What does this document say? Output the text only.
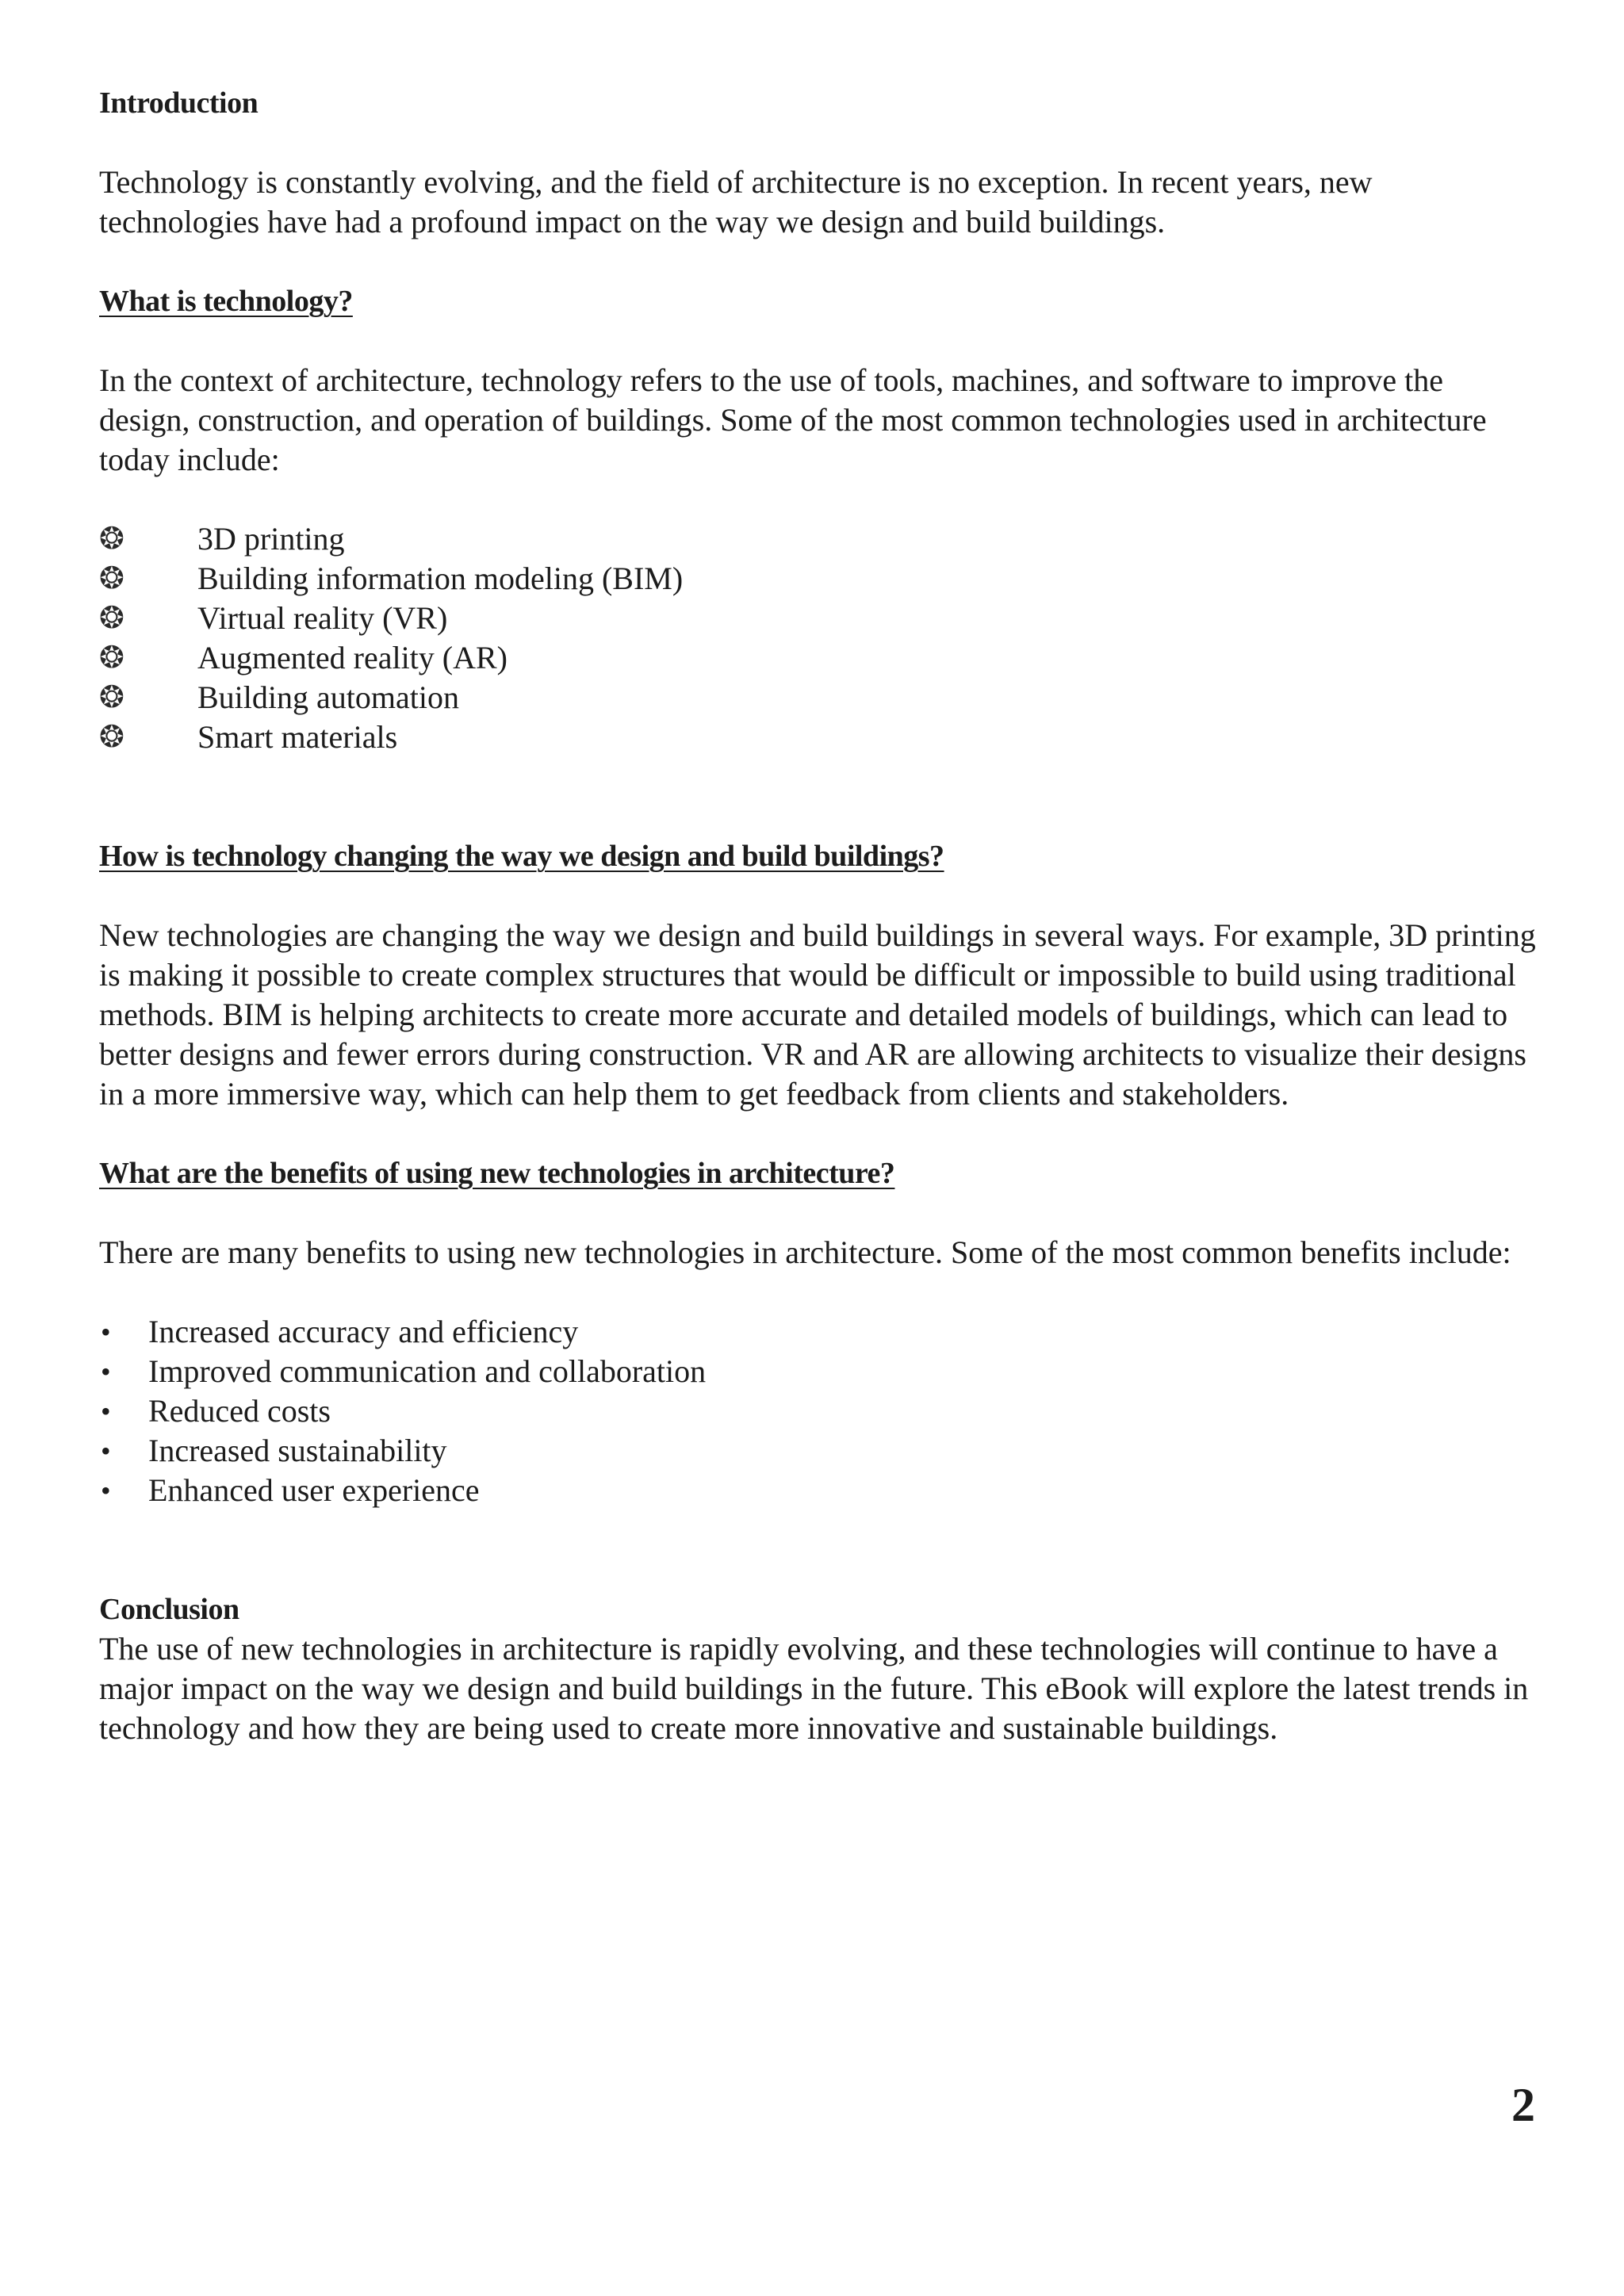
Introduction

Technology is constantly evolving, and the field of architecture is no exception. In recent years, new technologies have had a profound impact on the way we design and build buildings.

What is technology?

In the context of architecture, technology refers to the use of tools, machines, and software to improve the design, construction, and operation of buildings. Some of the most common technologies used in architecture today include:

❂	3D printing
❂	Building information modeling (BIM)
❂	Virtual reality (VR)
❂	Augmented reality (AR)
❂	Building automation
❂	Smart materials
How is technology changing the way we design and build buildings?

New technologies are changing the way we design and build buildings in several ways. For example, 3D printing is making it possible to create complex structures that would be difficult or impossible to build using traditional methods. BIM is helping architects to create more accurate and detailed models of buildings, which can lead to better designs and fewer errors during construction. VR and AR are allowing architects to visualize their designs in a more immersive way, which can help them to get feedback from clients and stakeholders.

What are the benefits of using new technologies in architecture?

There are many benefits to using new technologies in architecture. Some of the most common benefits include:

•	Increased accuracy and efficiency
•	Improved communication and collaboration
•	Reduced costs
•	Increased sustainability
•	Enhanced user experience
Conclusion

The use of new technologies in architecture is rapidly evolving, and these technologies will continue to have a major impact on the way we design and build buildings in the future. This eBook will explore the latest trends in technology and how they are being used to create more innovative and sustainable buildings.

2
